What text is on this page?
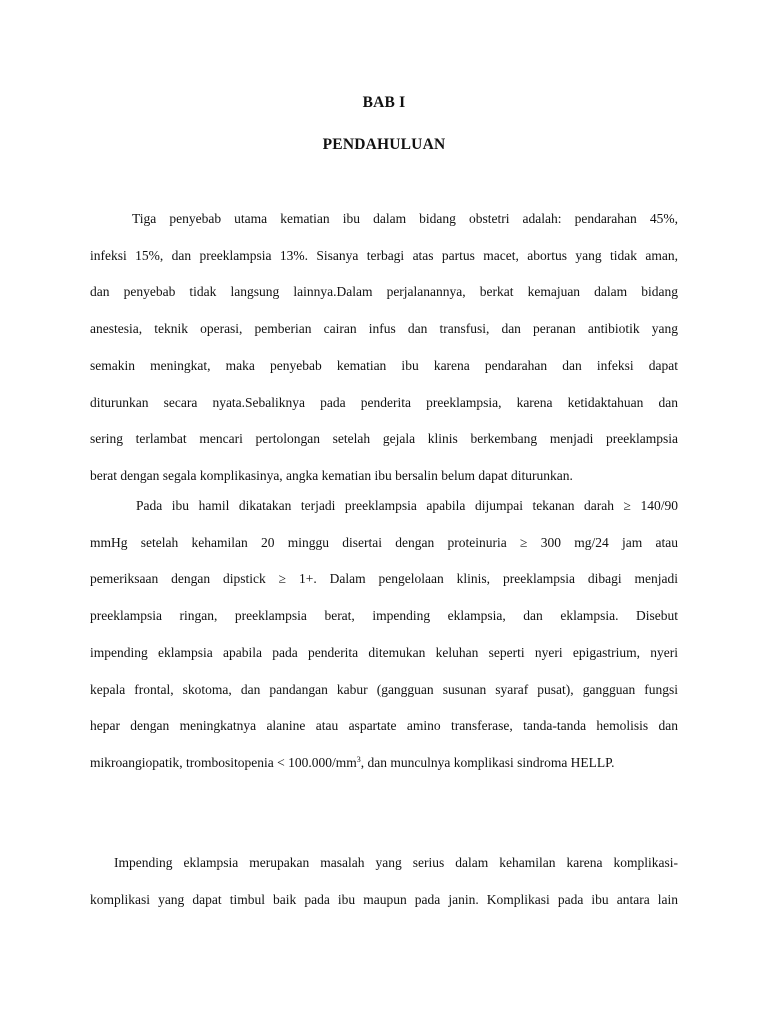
BAB I
PENDAHULUAN
Tiga penyebab utama kematian ibu dalam bidang obstetri adalah: pendarahan 45%,
infeksi 15%, dan preeklampsia 13%. Sisanya terbagi atas partus macet, abortus yang tidak aman,
dan penyebab tidak langsung lainnya.Dalam perjalanannya, berkat kemajuan dalam bidang
anestesia, teknik operasi, pemberian cairan infus dan transfusi, dan peranan antibiotik yang
semakin meningkat, maka penyebab kematian ibu karena pendarahan dan infeksi dapat
diturunkan secara nyata.Sebaliknya pada penderita preeklampsia, karena ketidaktahuan dan
sering terlambat mencari pertolongan setelah gejala klinis berkembang menjadi preeklampsia
berat dengan segala komplikasinya, angka kematian ibu bersalin belum dapat diturunkan.
Pada ibu hamil dikatakan terjadi preeklampsia apabila dijumpai tekanan darah ≥ 140/90
mmHg setelah kehamilan 20 minggu disertai dengan proteinuria ≥ 300 mg/24 jam atau
pemeriksaan dengan dipstick ≥ 1+. Dalam pengelolaan klinis, preeklampsia dibagi menjadi
preeklampsia ringan, preeklampsia berat, impending eklampsia, dan eklampsia. Disebut
impending eklampsia apabila pada penderita ditemukan keluhan seperti nyeri epigastrium, nyeri
kepala frontal, skotoma, dan pandangan kabur (gangguan susunan syaraf pusat), gangguan fungsi
hepar dengan meningkatnya alanine atau aspartate amino transferase, tanda-tanda hemolisis dan
mikroangiopatik, trombositopenia < $100.000/mm^3$, dan munculnya komplikasi sindroma HELLP.
Impending eklampsia merupakan masalah yang serius dalam kehamilan karena komplikasi-
komplikasi yang dapat timbul baik pada ibu maupun pada janin. Komplikasi pada ibu antara lain
